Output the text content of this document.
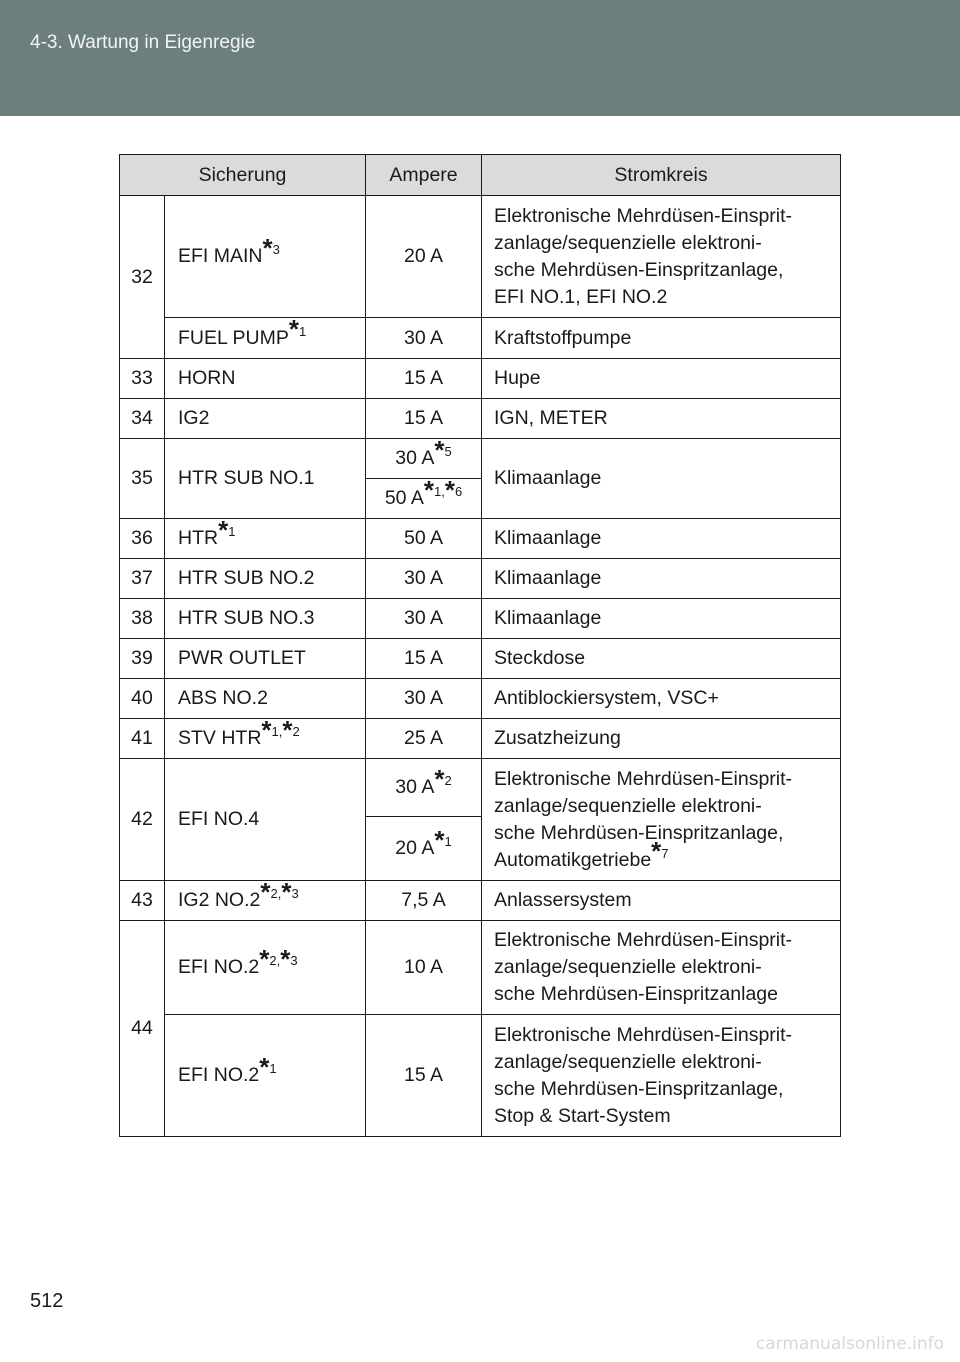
4-3. Wartung in Eigenregie
Sicherung		Ampere	Stromkreis
32	EFI MAIN*$^3$	20 A	Elektronische Mehrdüsen-Einsprit-
zanlage/sequenzielle elektroni-
sche Mehrdüsen-Einspritzanlage,
EFI NO.1, EFI NO.2

	FUEL PUMP*$^1$	30 A	Kraftstoffpumpe
33	HORN	15 A	Hupe
34	IG2	15 A	IGN, METER
35	HTR SUB NO.1	30 A*$^5$	Klimaanlage
		50 A*$^{1,}$*$^6$
36	HTR*$^1$	50 A	Klimaanlage
37	HTR SUB NO.2	30 A	Klimaanlage
38	HTR SUB NO.3	30 A	Klimaanlage
39	PWR OUTLET	15 A	Steckdose
40	ABS NO.2	30 A	Antiblockiersystem, VSC+
41	STV HTR*$^{1,}$*$^2$	25 A	Zusatzheizung
42	EFI NO.4	30 A*$^2$	Elektronische Mehrdüsen-Einsprit-
zanlage/sequenzielle elektroni-
sche Mehrdüsen-Einspritzanlage,
Automatikgetriebe*$^7$

		20 A*$^1$
43	IG2 NO.2*$^{2,}$*$^3$	7,5 A	Anlassersystem
44	EFI NO.2*$^{2,}$*$^3$	10 A	Elektronische Mehrdüsen-Einsprit-
zanlage/sequenzielle elektroni-
sche Mehrdüsen-Einspritzanlage

	EFI NO.2*$^1$	15 A	Elektronische Mehrdüsen-Einsprit-
zanlage/sequenzielle elektroni-
sche Mehrdüsen-Einspritzanlage,
Stop & Start-System
512
carmanualsonline.info
